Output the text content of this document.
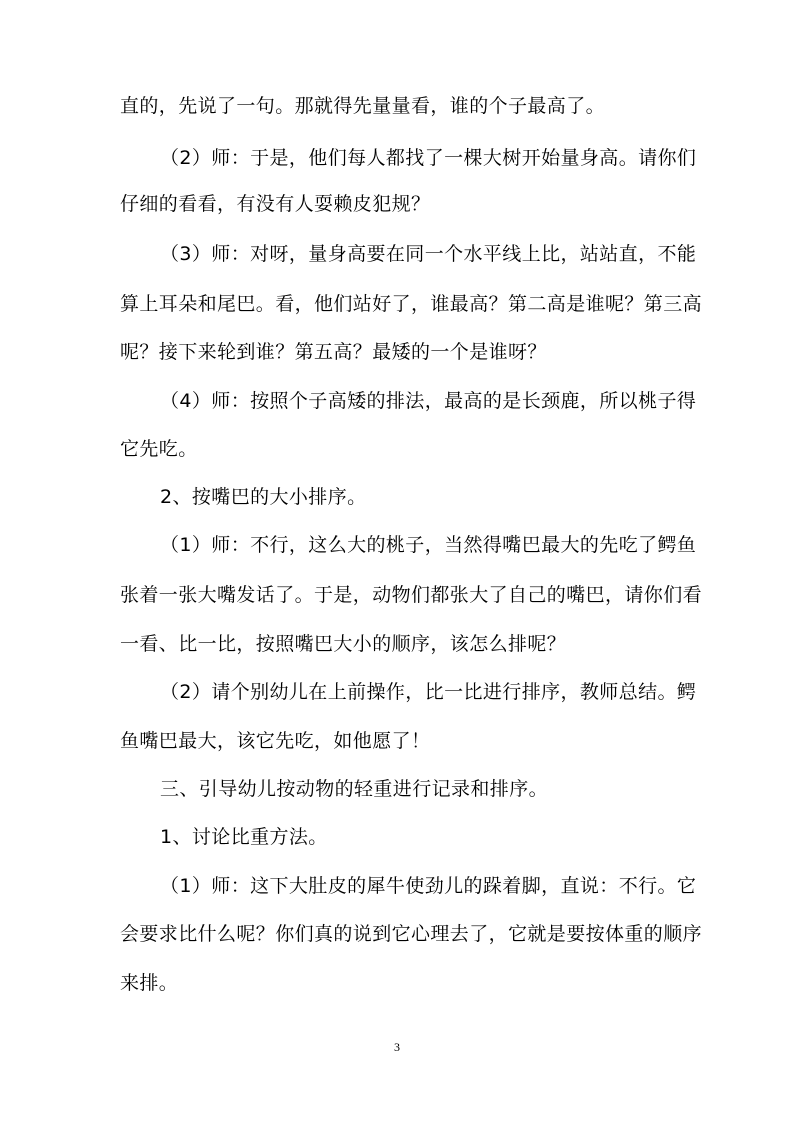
直的，先说了一句。那就得先量量看，谁的个子最高了。
（2）师：于是，他们每人都找了一棵大树开始量身高。请你们
仔细的看看，有没有人耍赖皮犯规？
（3）师：对呀，量身高要在同一个水平线上比，站站直，不能
算上耳朵和尾巴。看，他们站好了，谁最高？第二高是谁呢？第三高
呢？接下来轮到谁？第五高？最矮的一个是谁呀？
（4）师：按照个子高矮的排法，最高的是长颈鹿，所以桃子得
它先吃。
2、按嘴巴的大小排序。
（1）师：不行，这么大的桃子，当然得嘴巴最大的先吃了鳄鱼
张着一张大嘴发话了。于是，动物们都张大了自己的嘴巴，请你们看
一看、比一比，按照嘴巴大小的顺序，该怎么排呢？
（2）请个别幼儿在上前操作，比一比进行排序，教师总结。鳄
鱼嘴巴最大，该它先吃，如他愿了！
三、引导幼儿按动物的轻重进行记录和排序。
1、讨论比重方法。
（1）师：这下大肚皮的犀牛使劲儿的跺着脚，直说：不行。它
会要求比什么呢？你们真的说到它心理去了，它就是要按体重的顺序
来排。
3
